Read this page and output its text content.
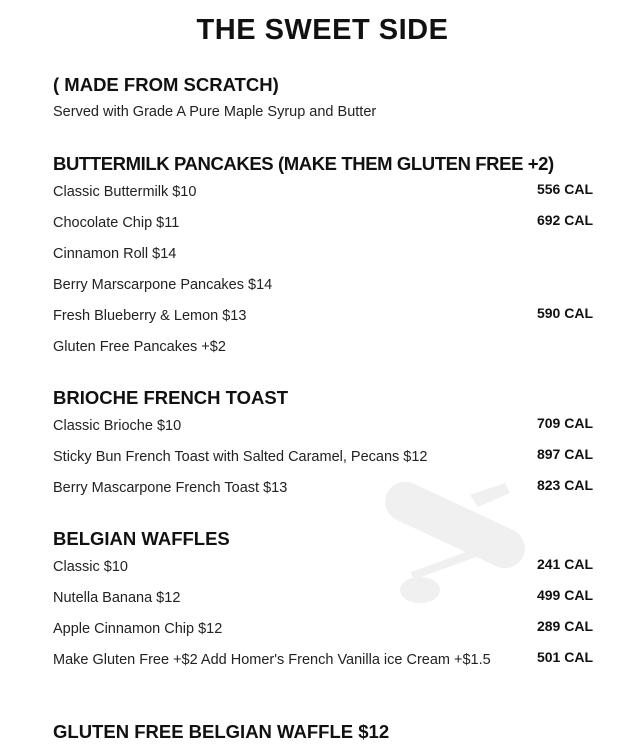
THE SWEET SIDE
( MADE FROM SCRATCH)
Served with Grade A Pure Maple Syrup and Butter
BUTTERMILK PANCAKES (MAKE THEM GLUTEN FREE +2)
Classic Buttermilk $10	556 CAL
Chocolate Chip $11	692 CAL
Cinnamon Roll $14
Berry Marscarpone Pancakes $14
Fresh Blueberry & Lemon $13	590 CAL
Gluten Free Pancakes +$2
BRIOCHE FRENCH TOAST
Classic Brioche $10	709 CAL
Sticky Bun French Toast with Salted Caramel, Pecans $12	897 CAL
Berry Mascarpone French Toast $13	823 CAL
BELGIAN WAFFLES
Classic $10	241 CAL
Nutella Banana $12	499 CAL
Apple Cinnamon Chip $12	289 CAL
Make Gluten Free +$2 Add Homer's French Vanilla ice Cream +$1.5	501 CAL
GLUTEN FREE BELGIAN WAFFLE $12
